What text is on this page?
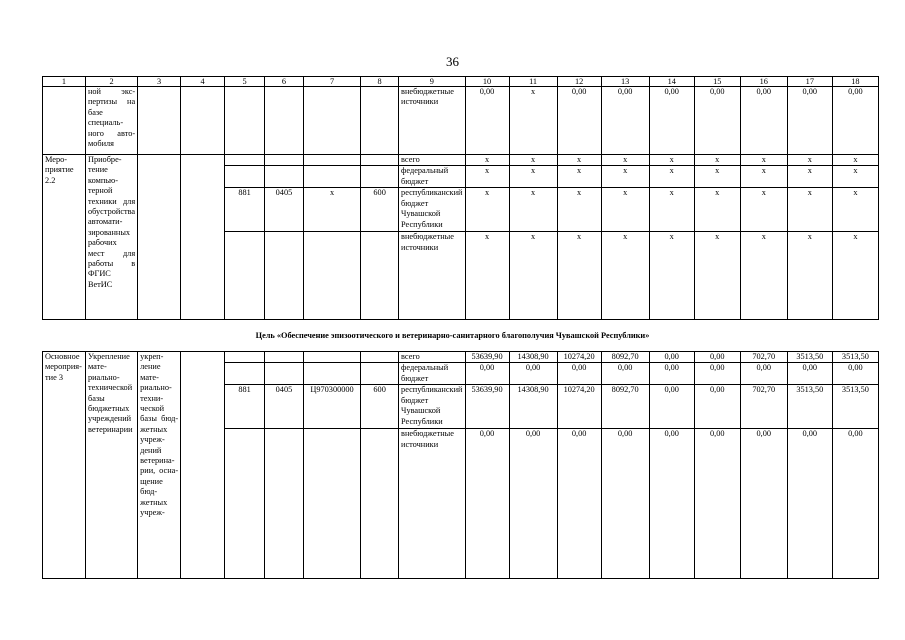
36
1	2	3	4	5	6	7	8	9	10	11	12	13	14	15	16	17	18
	ной экспертизы на базе специального автомобиля							внебюджетные источники	0,00	x	0,00	0,00	0,00	0,00	0,00	0,00	0,00
Мероприятие 2.2	Приобретение компьютерной техники для обустройства автоматизированных рабочих мест для работы в ФГИС ВетИС							всего	x	x	x	x	x	x	x	x	x
								федеральный бюджет	x	x	x	x	x	x	x	x	x
				881	0405	x	600	республиканский бюджет Чувашской Республики	x	x	x	x	x	x	x	x	x
								внебюджетные источники	x	x	x	x	x	x	x	x	x
Цель «Обеспечение эпизоотического и ветеринарно-санитарного благополучия Чувашской Республики»
Основное мероприятие 3	Укрепление материально-технической базы бюджетных учреждений ветеринарии	укрепление материально-технической базы бюджетных учреждений ветеринарии, оснащение бюджетных учреж-						всего	53639,90	14308,90	10274,20	8092,70	0,00	0,00	702,70	3513,50	3513,50
								федеральный бюджет	0,00	0,00	0,00	0,00	0,00	0,00	0,00	0,00	0,00
				881	0405	Ц970300000	600	республиканский бюджет Чувашской Республики	53639,90	14308,90	10274,20	8092,70	0,00	0,00	702,70	3513,50	3513,50
								внебюджетные источники	0,00	0,00	0,00	0,00	0,00	0,00	0,00	0,00	0,00
